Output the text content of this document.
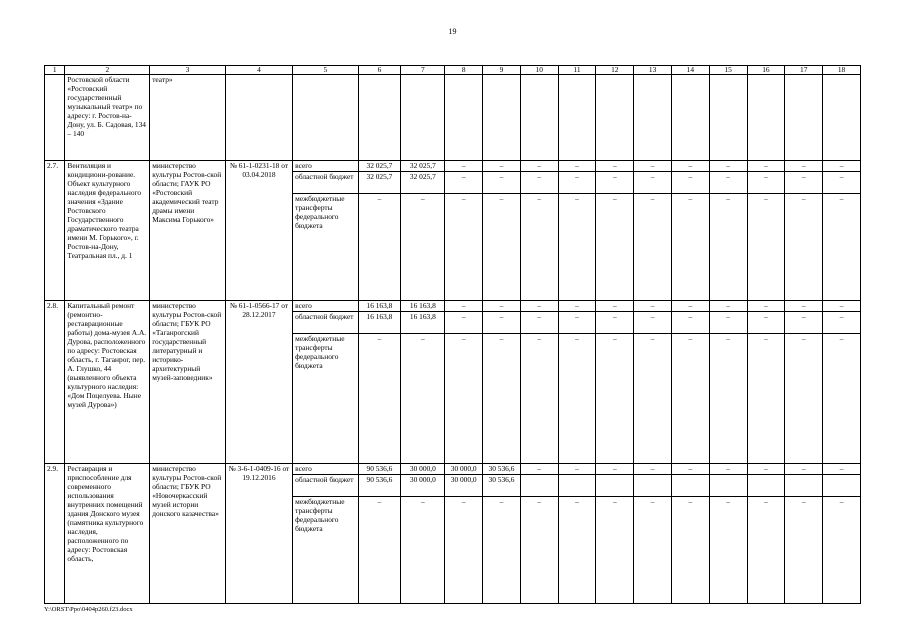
19
1	2	3	4	5	6	7	8	9	10	11	12	13	14	15	16	17	18
	Ростовской области «Ростовский государственный музыкальный театр» по адресу: г. Ростов-на-Дону, ул. Б. Садовая, 134 – 140	театр»															
2.7.	Вентиляция и кондициони-рование. Объект культурного наследия федерального значения «Здание Ростовского Государственного драматического театра имени М. Горького», г. Ростов-на-Дону, Театральная пл., д. 1	министерство культуры Ростов-ской области; ГАУК РО «Ростовский академический театр драмы имени Максима Горького»	№ 61-1-0231-18 от 03.04.2018	всего	32 025,7	32 025,7	–	–	–	–	–	–	–	–	–	–	–
				областной бюджет	32 025,7	32 025,7	–	–	–	–	–	–	–	–	–	–	–
				межбюджетные трансферты федерального бюджета	–	–	–	–	–	–	–	–	–	–	–	–	–
2.8.	Капитальный ремонт (ремонтно-реставрационные работы) дома-музея А.А. Дурова, расположенного по адресу: Ростовская область, г. Таганрог, пер. А. Глушко, 44 (выявленного объекта культурного наследия: «Дом Поцелуева. Ныне музей Дурова»)	министерство культуры Ростов-ской области; ГБУК РО «Таганрогский государственный литературный и историко-архитектурный музей-заповедник»	№ 61-1-0566-17 от 28.12.2017	всего	16 163,8	16 163,8	–	–	–	–	–	–	–	–	–	–	–
				областной бюджет	16 163,8	16 163,8	–	–	–	–	–	–	–	–	–	–	–
				межбюджетные трансферты федерального бюджета	–	–	–	–	–	–	–	–	–	–	–	–	–
2.9.	Реставрация и приспособление для современного использования внутренних помещений здания Донского музея (памятника культурного наследия, расположенного по адресу: Ростовская область,	министерство культуры Ростов-ской области; ГБУК РО «Новочеркасский музей истории донского казачества»	№ 3-6-1-0409-16 от 19.12.2016	всего	90 536,6	30 000,0	30 000,0	30 536,6	–	–	–	–	–	–	–	–	–
				областной бюджет	90 536,6	30 000,0	30 000,0	30 536,6									
				межбюджетные трансферты федерального бюджета	–	–	–	–	–	–	–	–	–	–	–	–	–
Y:\ORST\Ppo\0404p260.f23.docx
